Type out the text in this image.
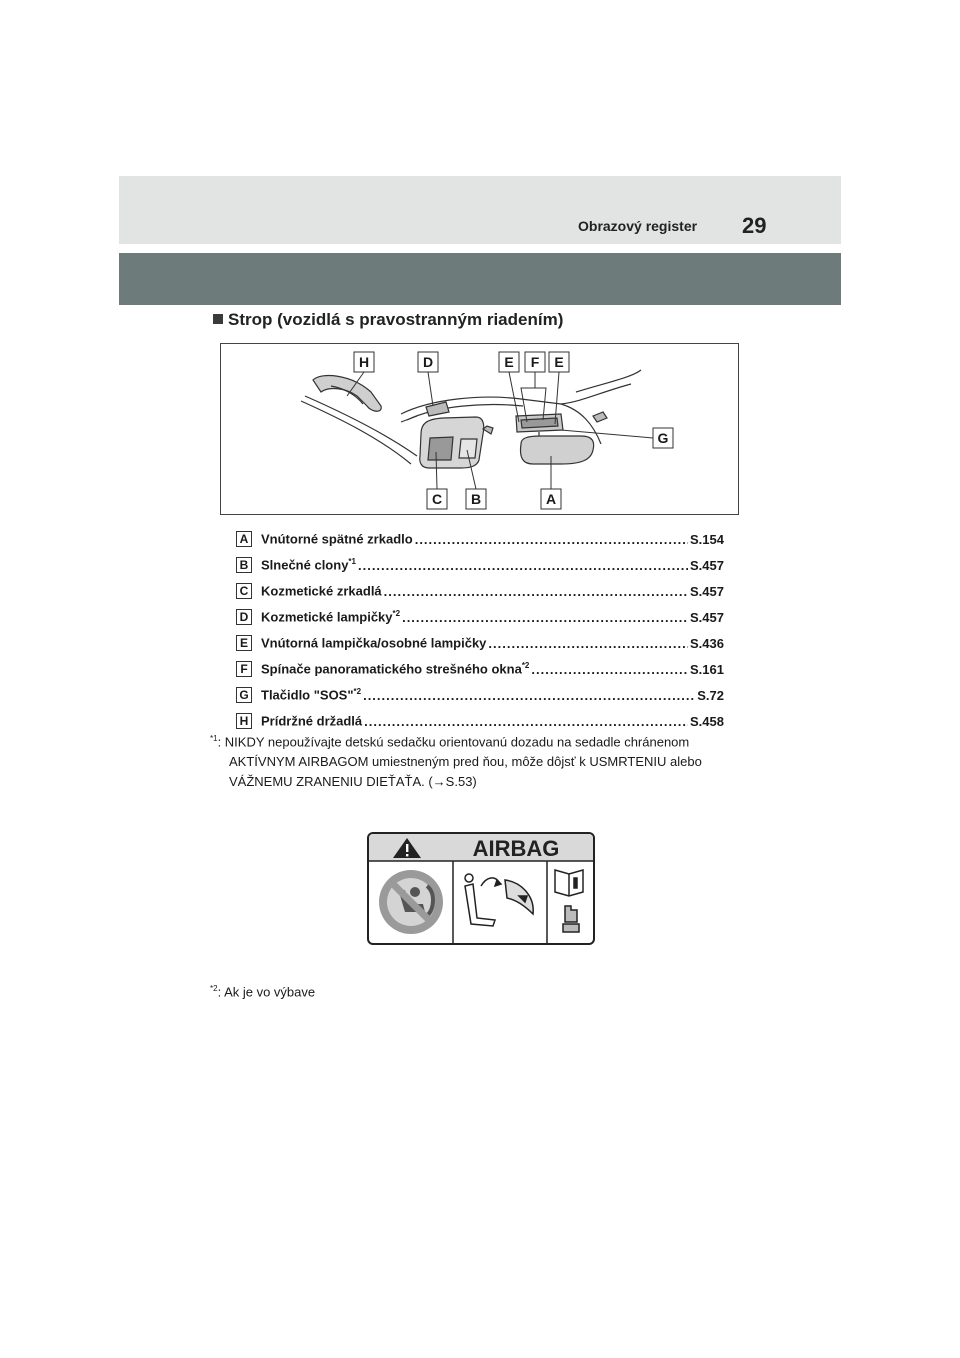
Obrazový register 29
Strop (vozidlá s pravostranným riadením)
H	D	E F E
G
C B	A
A Vnútorné spätné zrkadlo .....	S.154
B Slnečné clony$^{*1}$ .....	S.457
C Kozmetické zrkadlá .....	S.457
D Kozmetické lampičky$^{*2}$ .....	S.457
E	Vnútorná lampička/osobné lampičky .....	S.436
F	Spínače panoramatického strešného okna$^{*2}$ .....	S.161
G Tlačidlo "SOS"$^{*2}$ .....	S.72
H Prídržné držadlá .....	S.458
$^{*1}$: NIKDY nepoužívajte detskú sedačku orientovanú dozadu na sedadle chránenom AKTÍVNYM AIRBAGOM umiestneným pred ňou, môže dôjsť k USMRTENIU alebo VÁŽNEMU ZRANENIU DIEŤAŤA. (→S.53)
AIRBAG
$^{*2}$: Ak je vo výbave
